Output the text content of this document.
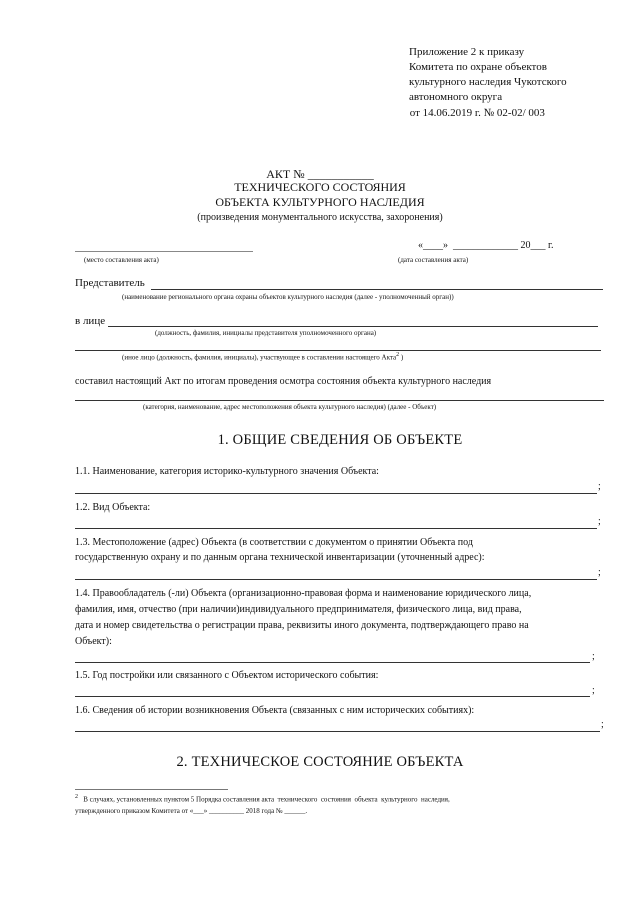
Приложение 2 к приказу
Комитета по охране объектов
культурного наследия Чукотского
автономного округа
от 14.06.2019 г. № 02-02/ 003
АКТ № ___________
ТЕХНИЧЕСКОГО СОСТОЯНИЯ
ОБЪЕКТА КУЛЬТУРНОГО НАСЛЕДИЯ
(произведения монументального искусства, захоронения)
«____»  _____________ 20___ г.
(место составления акта)	(дата составления акта)
Представитель
(наименование регионального органа охраны объектов культурного наследия (далее - уполномоченный орган))
в лице
(должность, фамилия, инициалы представителя уполномоченного органа)
(иное лицо (должность, фамилия, инициалы), участвующее в составлении настоящего Акта$^2$ )
составил настоящий Акт по итогам проведения осмотра состояния объекта культурного наследия
(категория, наименование, адрес местоположения объекта культурного наследия) (далее - Объект)
1. ОБЩИЕ СВЕДЕНИЯ ОБ ОБЪЕКТЕ
1.1. Наименование, категория историко-культурного значения Объекта:
;
1.2. Вид Объекта:
;
1.3. Местоположение (адрес) Объекта (в соответствии с документом о принятии Объекта под
государственную охрану и по данным органа технической инвентаризации (уточненный адрес):
;
1.4. Правообладатель (-ли) Объекта (организационно-правовая форма и наименование юридического лица,
фамилия, имя, отчество (при наличии)индивидуального предпринимателя, физического лица, вид права,
дата и номер свидетельства о регистрации права, реквизиты иного документа, подтверждающего право на
Объект):
;
1.5. Год постройки или связанного с Объектом исторического события:
;
1.6. Сведения об истории возникновения Объекта (связанных с ним исторических событиях):
;
2. ТЕХНИЧЕСКОЕ СОСТОЯНИЕ ОБЪЕКТА
$^2$   В случаях, установленных пунктом 5 Порядка составления акта  технического  состояния  объекта  культурного  наследия,
утвержденного приказом Комитета от «___» __________ 2018 года № ______.
